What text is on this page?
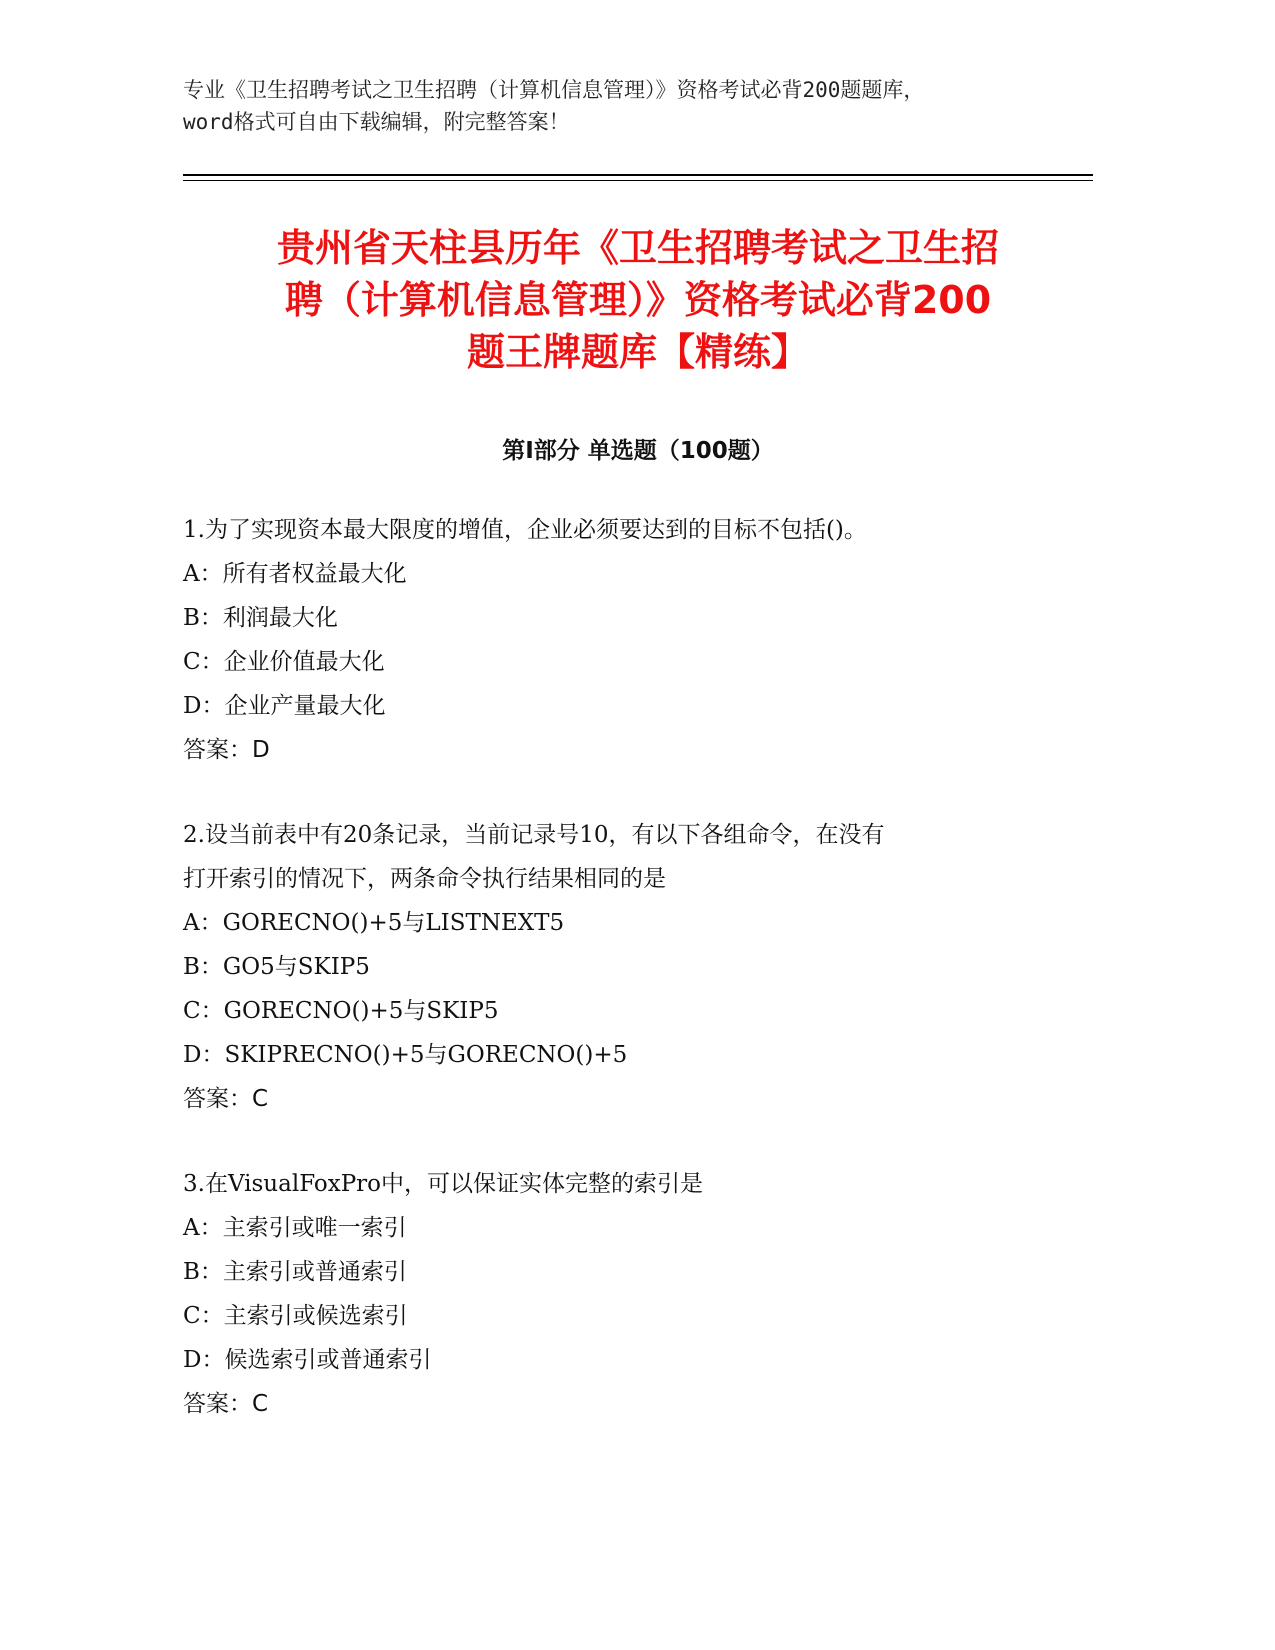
专业《卫生招聘考试之卫生招聘（计算机信息管理）》资格考试必背200题题库，
word格式可自由下载编辑，附完整答案！
贵州省天柱县历年《卫生招聘考试之卫生招
聘（计算机信息管理）》资格考试必背200
题王牌题库【精练】
第Ⅰ部分 单选题（100题）
1.为了实现资本最大限度的增值，企业必须要达到的目标不包括()。
A：所有者权益最大化
B：利润最大化
C：企业价值最大化
D：企业产量最大化
答案：D
2.设当前表中有20条记录，当前记录号10，有以下各组命令，在没有
打开索引的情况下，两条命令执行结果相同的是
A：GORECNO()+5与LISTNEXT5
B：GO5与SKIP5
C：GORECNO()+5与SKIP5
D：SKIPRECNO()+5与GORECNO()+5
答案：C
3.在VisualFoxPro中，可以保证实体完整的索引是
A：主索引或唯一索引
B：主索引或普通索引
C：主索引或候选索引
D：候选索引或普通索引
答案：C
